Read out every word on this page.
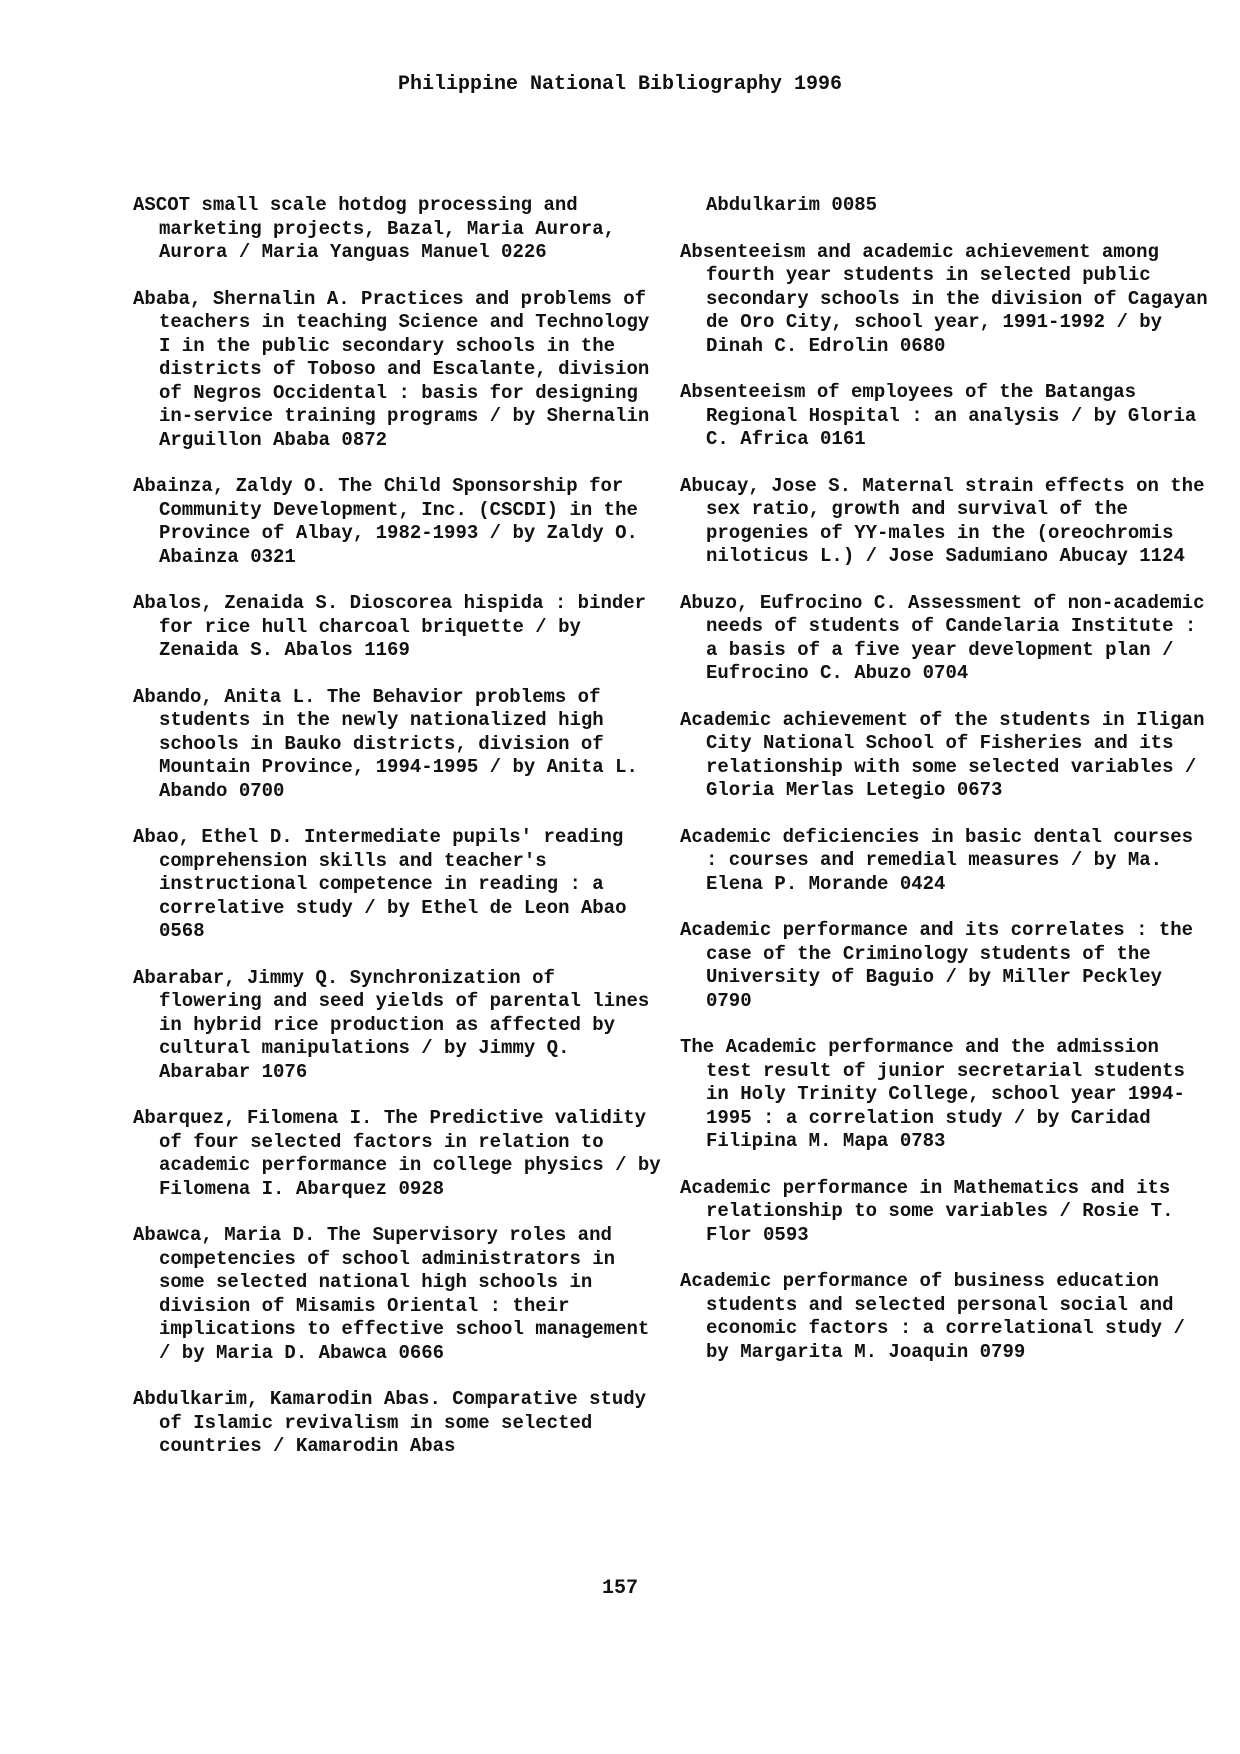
Philippine National Bibliography 1996

ASCOT small scale hotdog processing and marketing projects, Bazal, Maria Aurora, Aurora / Maria Yanguas Manuel 0226

Ababa, Shernalin A. Practices and problems of teachers in teaching Science and Technology I in the public secondary schools in the districts of Toboso and Escalante, division of Negros Occidental : basis for designing in-service training programs / by Shernalin Arguillon Ababa 0872

Abainza, Zaldy O. The Child Sponsorship for Community Development, Inc. (CSCDI) in the Province of Albay, 1982-1993 / by Zaldy O. Abainza 0321

Abalos, Zenaida S. Dioscorea hispida : binder for rice hull charcoal briquette / by Zenaida S. Abalos 1169

Abando, Anita L. The Behavior problems of students in the newly nationalized high schools in Bauko districts, division of Mountain Province, 1994-1995 / by Anita L. Abando 0700

Abao, Ethel D. Intermediate pupils' reading comprehension skills and teacher's instructional competence in reading : a correlative study / by Ethel de Leon Abao 0568

Abarabar, Jimmy Q. Synchronization of flowering and seed yields of parental lines in hybrid rice production as affected by cultural manipulations / by Jimmy Q. Abarabar 1076

Abarquez, Filomena I. The Predictive validity of four selected factors in relation to academic performance in college physics / by Filomena I. Abarquez 0928

Abawca, Maria D. The Supervisory roles and competencies of school administrators in some selected national high schools in division of Misamis Oriental : their implications to effective school management / by Maria D. Abawca 0666

Abdulkarim, Kamarodin Abas. Comparative study of Islamic revivalism in some selected countries / Kamarodin Abas

Abdulkarim 0085

Absenteeism and academic achievement among fourth year students in selected public secondary schools in the division of Cagayan de Oro City, school year, 1991-1992 / by Dinah C. Edrolin 0680

Absenteeism of employees of the Batangas Regional Hospital : an analysis / by Gloria C. Africa 0161

Abucay, Jose S. Maternal strain effects on the sex ratio, growth and survival of the progenies of YY-males in the (oreochromis niloticus L.) / Jose Sadumiano Abucay 1124

Abuzo, Eufrocino C. Assessment of non-academic needs of students of Candelaria Institute : a basis of a five year development plan / Eufrocino C. Abuzo 0704

Academic achievement of the students in Iligan City National School of Fisheries and its relationship with some selected variables / Gloria Merlas Letegio 0673

Academic deficiencies in basic dental courses : courses and remedial measures / by Ma. Elena P. Morande 0424

Academic performance and its correlates : the case of the Criminology students of the University of Baguio / by Miller Peckley 0790

The Academic performance and the admission test result of junior secretarial students in Holy Trinity College, school year 1994-1995 : a correlation study / by Caridad Filipina M. Mapa 0783

Academic performance in Mathematics and its relationship to some variables / Rosie T. Flor 0593

Academic performance of business education students and selected personal social and economic factors : a correlational study / by Margarita M. Joaquin 0799

157
